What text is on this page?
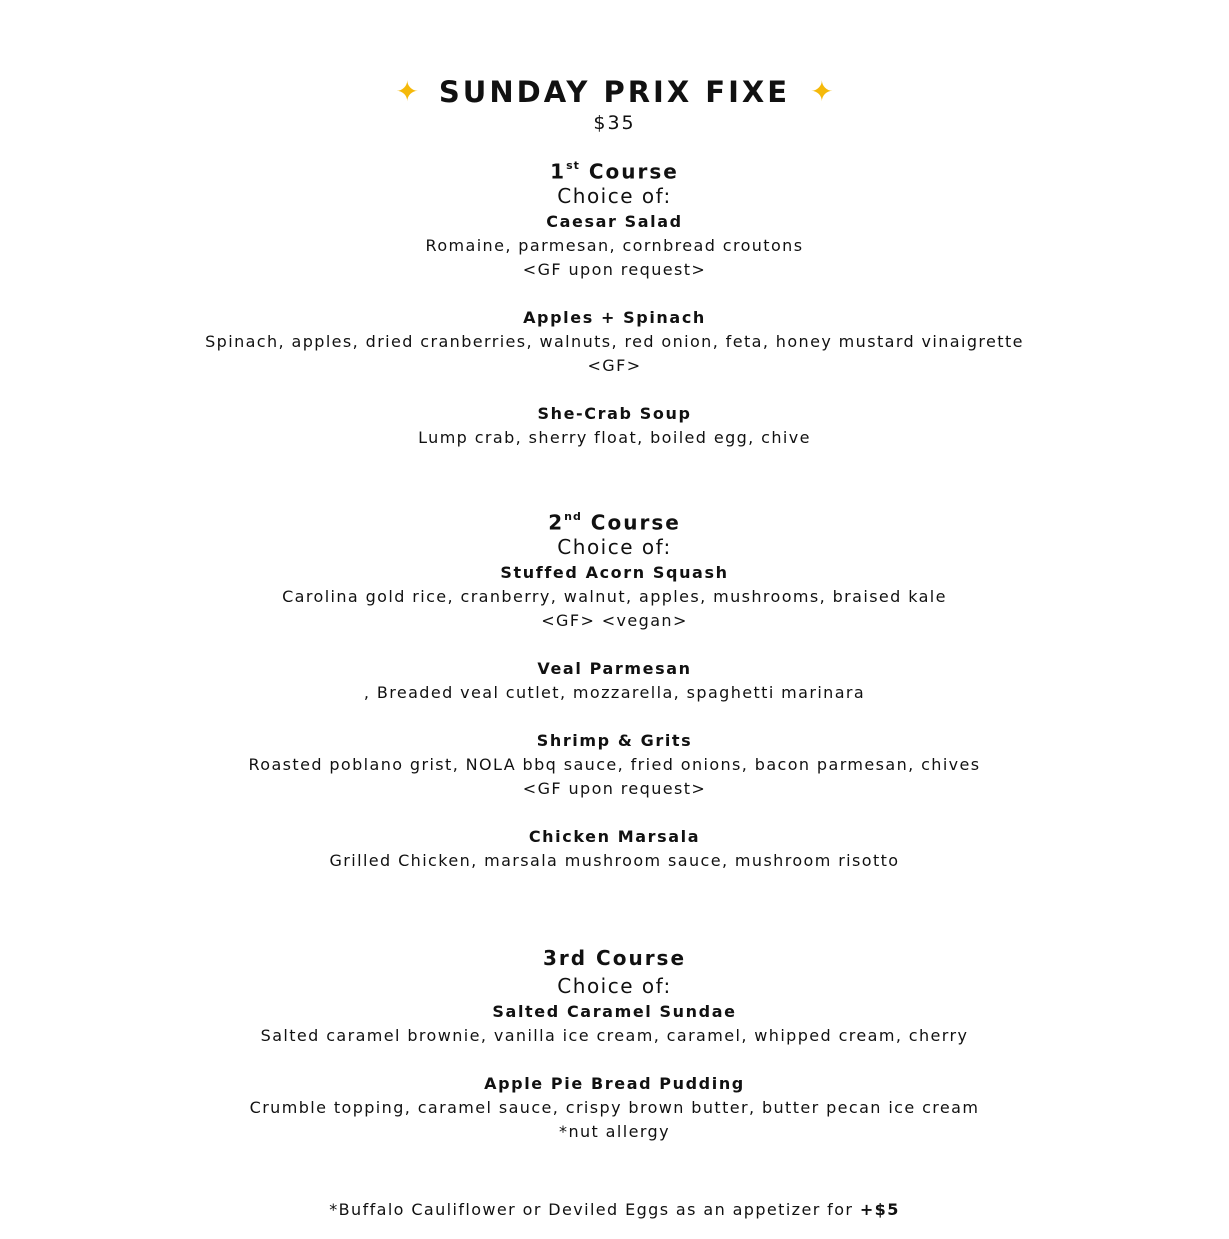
✦ SUNDAY PRIX FIXE ✦
$35
1st Course
Choice of:
Caesar Salad
Romaine, parmesan, cornbread croutons
<GF upon request>
Apples + Spinach
Spinach, apples, dried cranberries, walnuts, red onion, feta, honey mustard vinaigrette
<GF>
She-Crab Soup
Lump crab, sherry float, boiled egg, chive
2nd Course
Choice of:
Stuffed Acorn Squash
Carolina gold rice, cranberry, walnut, apples, mushrooms, braised kale
<GF> <vegan>
Veal Parmesan
, Breaded veal cutlet, mozzarella, spaghetti marinara
Shrimp & Grits
Roasted poblano grist, NOLA bbq sauce, fried onions, bacon parmesan, chives
<GF upon request>
Chicken Marsala
Grilled Chicken, marsala mushroom sauce, mushroom risotto
3rd Course
Choice of:
Salted Caramel Sundae
Salted caramel brownie, vanilla ice cream, caramel, whipped cream, cherry
Apple Pie Bread Pudding
Crumble topping, caramel sauce, crispy brown butter, butter pecan ice cream
*nut allergy
*Buffalo Cauliflower or Deviled Eggs as an appetizer for +$5
